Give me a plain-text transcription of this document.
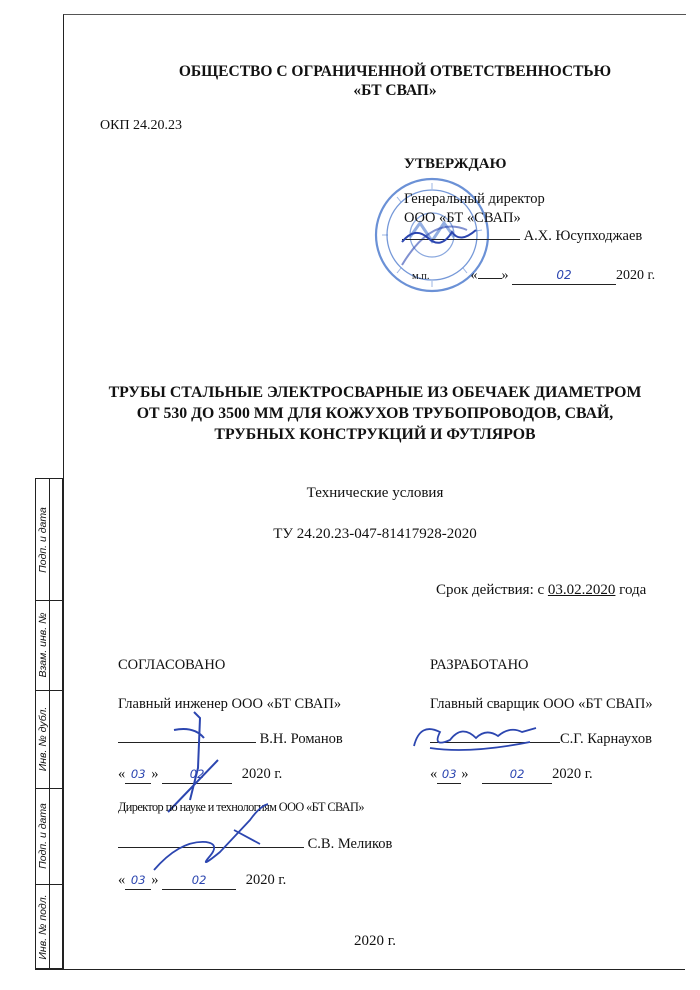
Подп. и дата
Взам. инв. №
Инв. № дубл.
Подп. и дата
Инв. № подл.
ОБЩЕСТВО С ОГРАНИЧЕННОЙ ОТВЕТСТВЕННОСТЬЮ
«БТ СВАП»
ОКП 24.20.23
УТВЕРЖДАЮ
Генеральный директор
ООО «БТ «СВАП»
А.Х. Юсупходжаев
м.п.	« »	02	2020 г.
ТРУБЫ СТАЛЬНЫЕ ЭЛЕКТРОСВАРНЫЕ ИЗ ОБЕЧАЕК ДИАМЕТРОМ
ОТ 530 ДО 3500 ММ ДЛЯ КОЖУХОВ ТРУБОПРОВОДОВ, СВАЙ,
ТРУБНЫХ КОНСТРУКЦИЙ И ФУТЛЯРОВ
Технические условия
ТУ 24.20.23-047-81417928-2020
Срок действия: с 03.02.2020 года
СОГЛАСОВАНО
Главный инженер ООО «БТ СВАП»
В.Н. Романов
« 03 »	02	2020 г.
Директор по науке и технологиям ООО «БТ СВАП»
С.В. Меликов
« 03 »	02	2020 г.
РАЗРАБОТАНО
Главный сварщик ООО «БТ СВАП»
С.Г. Карнаухов
« 03 »	02 2020 г.
2020 г.
